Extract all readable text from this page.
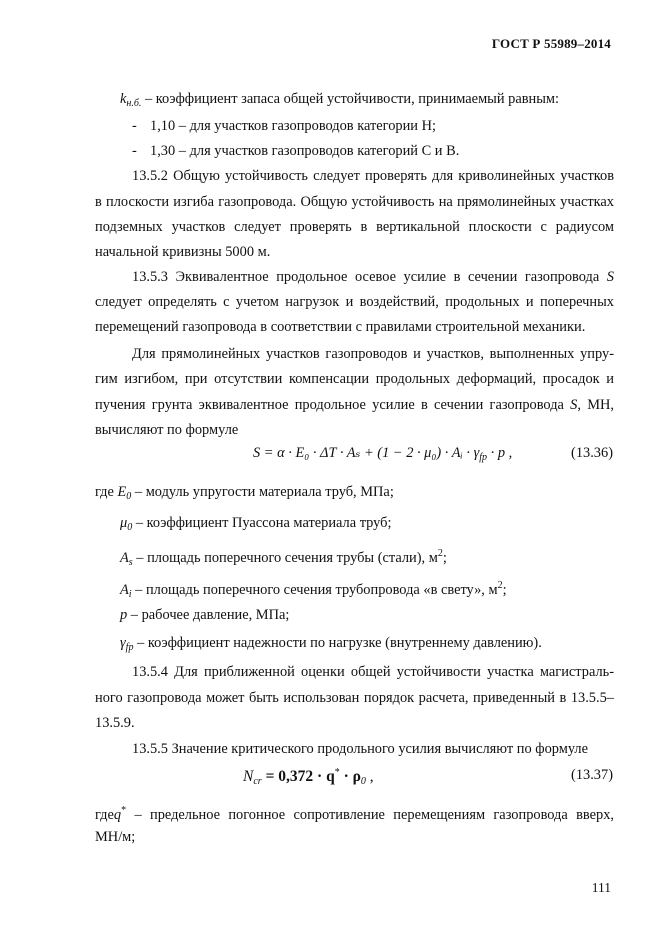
ГОСТ Р 55989–2014
$k_{н.б.}$ – коэффициент запаса общей устойчивости, принимаемый равным:
- 1,10 – для участков газопроводов категории Н;
- 1,30 – для участков газопроводов категорий С и В.
13.5.2 Общую устойчивость следует проверять для криволинейных участков
в плоскости изгиба газопровода. Общую устойчивость на прямолинейных участках
подземных участков следует проверять в вертикальной плоскости с радиусом
начальной кривизны 5000 м.
13.5.3 Эквивалентное продольное осевое усилие в сечении газопровода S
следует определять с учетом нагрузок и воздействий, продольных и поперечных
перемещений газопровода в соответствии с правилами строительной механики.
Для прямолинейных участков газопроводов и участков, выполненных упру-
гим изгибом, при отсутствии компенсации продольных деформаций, просадок и
пучения грунта эквивалентное продольное усилие в сечении газопровода S, МН,
вычисляют по формуле
S = α · E₀ · ΔT · Aₛ + (1 − 2 · μ₀) · Aᵢ · $\gamma_{fp} \cdot p$ ,	(13.36)
где $E_0$ – модуль упругости материала труб, МПа;
$\mu_0$ – коэффициент Пуассона материала труб;
$A_s$ – площадь поперечного сечения трубы (стали), $м^2$;
$A_i$ – площадь поперечного сечения трубопровода «в свету», $м^2$;
p – рабочее давление, МПа;
$\gamma_{fp}$ – коэффициент надежности по нагрузке (внутреннему давлению).
13.5.4 Для приближенной оценки общей устойчивости участка магистраль-
ного газопровода может быть использован порядок расчета, приведенный в 13.5.5–
13.5.9.
13.5.5 Значение критического продольного усилия вычисляют по формуле
$N_{cr} = 0,372 \cdot q^* \cdot \rho_0$ ,	(13.37)
гдеq* – предельное погонное сопротивление перемещениям газопровода вверх,
МН/м;
111
